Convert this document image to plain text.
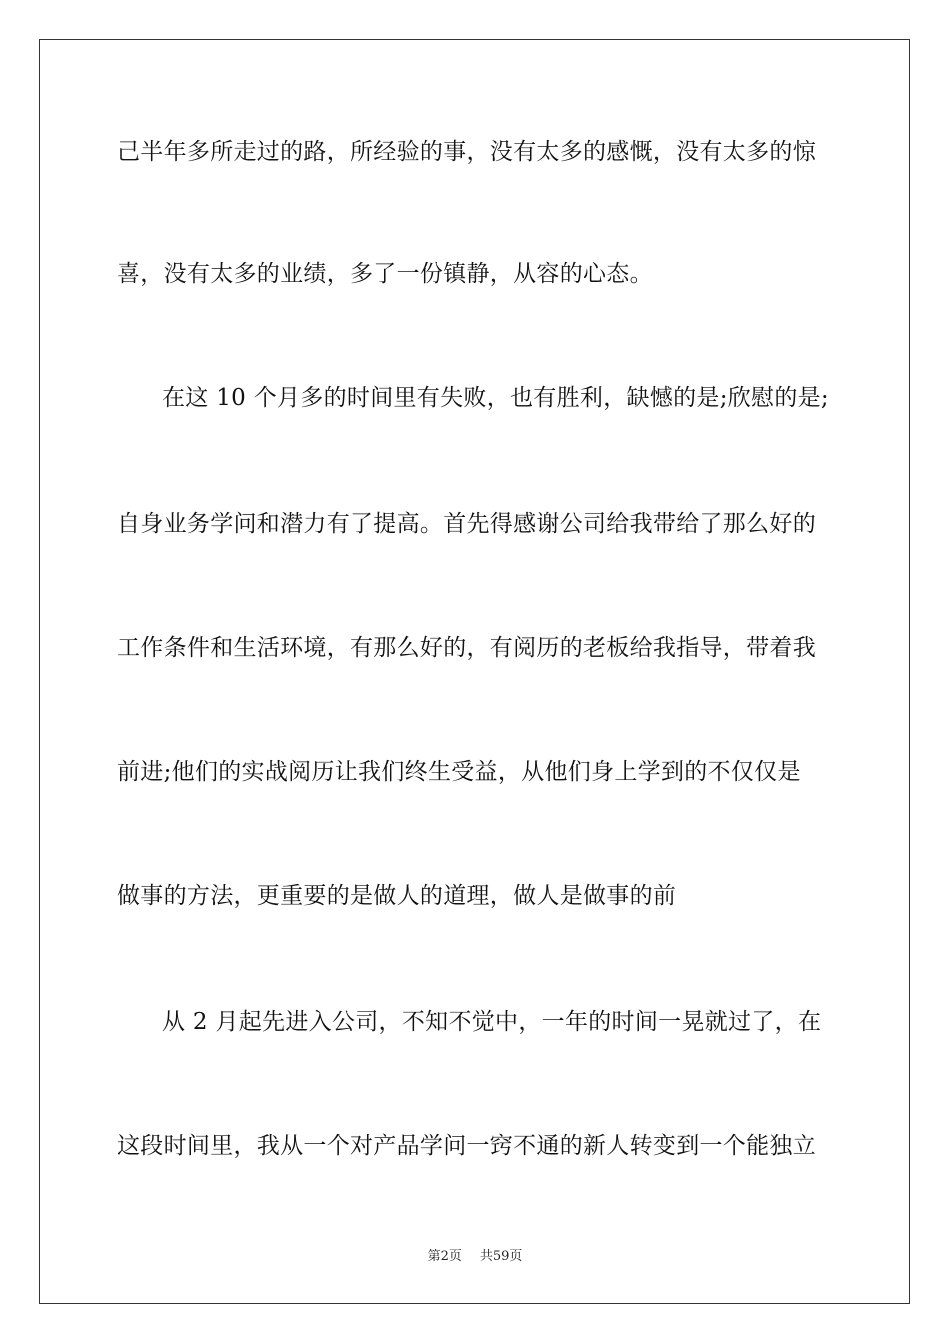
己半年多所走过的路，所经验的事，没有太多的感慨，没有太多的惊
喜，没有太多的业绩，多了一份镇静，从容的心态。
在这 10 个月多的时间里有失败，也有胜利，缺憾的是;欣慰的是;
自身业务学问和潜力有了提高。首先得感谢公司给我带给了那么好的
工作条件和生活环境，有那么好的，有阅历的老板给我指导，带着我
前进;他们的实战阅历让我们终生受益，从他们身上学到的不仅仅是
做事的方法，更重要的是做人的道理，做人是做事的前
从 2 月起先进入公司，不知不觉中，一年的时间一晃就过了，在
这段时间里，我从一个对产品学问一窍不通的新人转变到一个能独立
第2页 共59页
